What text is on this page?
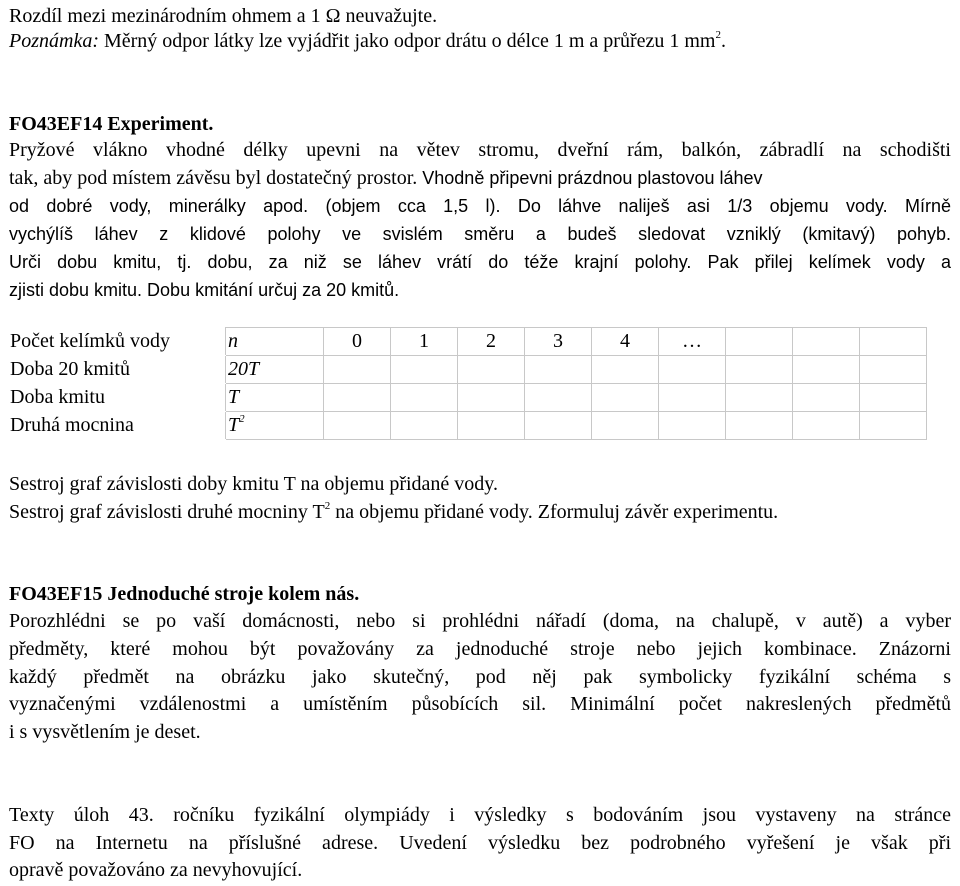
Rozdíl mezi mezinárodním ohmem a 1 Ω neuvažujte.
Poznámka: Měrný odpor látky lze vyjádřit jako odpor drátu o délce 1 m a průřezu 1 $mm^2$.
FO43EF14 Experiment.
Pryžové vlákno vhodné délky upevni na větev stromu, dveřní rám, balkón, zábradlí na schodišti
tak, aby pod místem závěsu byl dostatečný prostor. Vhodně připevni prázdnou plastovou láhev
od dobré vody, minerálky apod. (objem cca 1,5 l). Do láhve naliješ asi 1/3 objemu vody. Mírně
vychýlíš láhev z klidové polohy ve svislém směru a budeš sledovat vzniklý (kmitavý) pohyb.
Urči dobu kmitu, tj. dobu, za niž se láhev vrátí do téže krajní polohy. Pak přilej kelímek vody a
zjisti dobu kmitu. Dobu kmitání určuj za 20 kmitů.
Počet kelímků vody	n	0	1	2	3	4	…			
Doba 20 kmitů	20T									
Doba kmitu	T									
Druhá mocnina	$T^2$									
Sestroj graf závislosti doby kmitu T na objemu přidané vody.
Sestroj graf závislosti druhé mocniny $T^2$ na objemu přidané vody. Zformuluj závěr experimentu.
FO43EF15 Jednoduché stroje kolem nás.
Porozhlédni se po vaší domácnosti, nebo si prohlédni nářadí (doma, na chalupě, v autě) a vyber
předměty, které mohou být považovány za jednoduché stroje nebo jejich kombinace. Znázorni
každý předmět na obrázku jako skutečný, pod něj pak symbolicky fyzikální schéma s
vyznačenými vzdálenostmi a umístěním působících sil. Minimální počet nakreslených předmětů
i s vysvětlením je deset.
Texty úloh 43. ročníku fyzikální olympiády i výsledky s bodováním jsou vystaveny na stránce
FO na Internetu na příslušné adrese. Uvedení výsledku bez podrobného vyřešení je však při
opravě považováno za nevyhovující.
